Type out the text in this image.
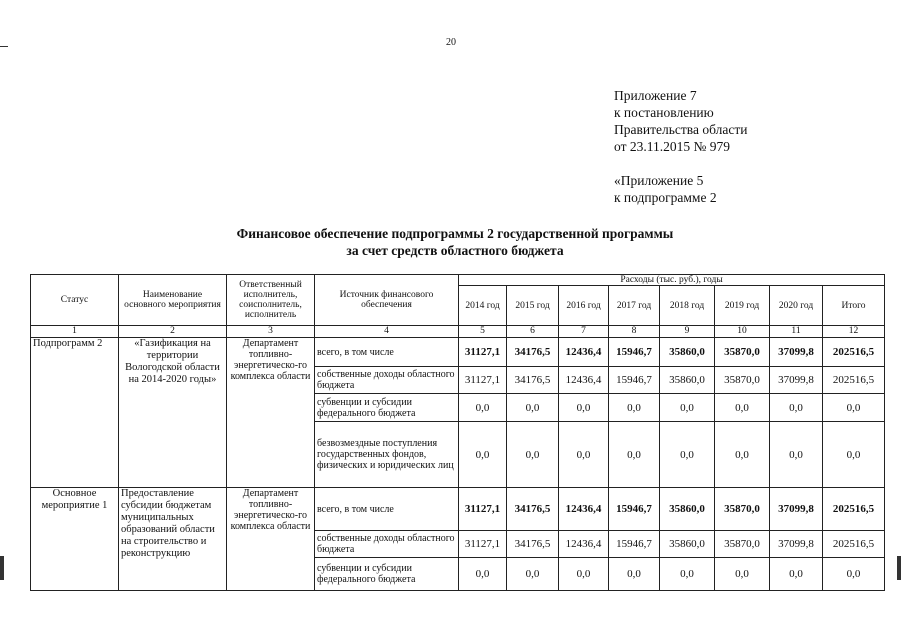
20
Приложение 7
к постановлению
Правительства области
от 23.11.2015 № 979
«Приложение 5
к подпрограмме 2
Финансовое обеспечение подпрограммы 2 государственной программы
за счет средств областного бюджета
Статус	Наименование основного мероприятия	Ответственный исполнитель, соисполнитель, исполнитель	Источник финансового обеспечения	Расходы (тыс. руб.), годы							
				2014 год	2015 год	2016 год	2017 год	2018 год	2019 год	2020 год	Итого
1	2	3	4	5	6	7	8	9	10	11	12
Подпрограмм 2	«Газификация на территории Вологодской области на 2014-2020 годы»	Департамент топливно-энергетическо-го комплекса области	всего, в том числе	31127,1	34176,5	12436,4	15946,7	35860,0	35870,0	37099,8	202516,5
			собственные доходы областного бюджета	31127,1	34176,5	12436,4	15946,7	35860,0	35870,0	37099,8	202516,5
			субвенции и субсидии федерального бюджета	0,0	0,0	0,0	0,0	0,0	0,0	0,0	0,0
			безвозмездные поступления государственных фондов, физических и юридических лиц	0,0	0,0	0,0	0,0	0,0	0,0	0,0	0,0
Основное мероприятие 1	Предоставление субсидии бюджетам муниципальных образований области на строительство и реконструкцию	Департамент топливно-энергетическо-го комплекса области	всего, в том числе	31127,1	34176,5	12436,4	15946,7	35860,0	35870,0	37099,8	202516,5
			собственные доходы областного бюджета	31127,1	34176,5	12436,4	15946,7	35860,0	35870,0	37099,8	202516,5
			субвенции и субсидии федерального бюджета	0,0	0,0	0,0	0,0	0,0	0,0	0,0	0,0
